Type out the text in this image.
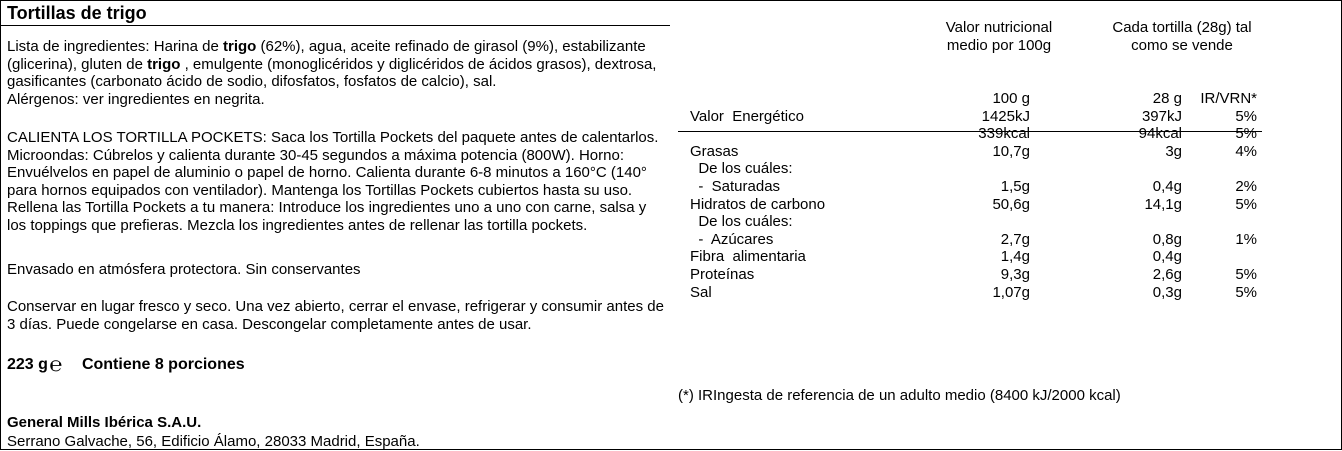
Tortillas de trigo
Lista de ingredientes: Harina de trigo (62%), agua, aceite refinado de girasol (9%), estabilizante (glicerina), gluten de trigo , emulgente (monoglicéridos y diglicéridos de ácidos grasos), dextrosa, gasificantes (carbonato ácido de sodio, difosfatos, fosfatos de calcio), sal.
Alérgenos: ver ingredientes en negrita.
CALIENTA LOS TORTILLA POCKETS: Saca los Tortilla Pockets del paquete antes de calentarlos. Microondas: Cúbrelos y calienta durante 30-45 segundos a máxima potencia (800W). Horno: Envuélvelos en papel de aluminio o papel de horno. Calienta durante 6-8 minutos a 160°C (140° para hornos equipados con ventilador). Mantenga los Tortillas Pockets cubiertos hasta su uso. Rellena las Tortilla Pockets a tu manera: Introduce los ingredientes uno a uno con carne, salsa y los toppings que prefieras. Mezcla los ingredientes antes de rellenar las tortilla pockets.
Envasado en atmósfera protectora. Sin conservantes
Conservar en lugar fresco y seco. Una vez abierto, cerrar el envase, refrigerar y consumir antes de 3 días. Puede congelarse en casa. Descongelar completamente antes de usar.
223 g ℮ Contiene 8 porciones
General Mills Ibérica S.A.U.
Serrano Galvache, 56, Edificio Álamo, 28033 Madrid, España.
Valor nutricional medio por 100g
Cada tortilla (28g) tal como se vende
100 g	28 g IR/VRN*
Valor  Energético	1425kJ	397kJ	5%
339kcal	94kcal	5%
Grasas	10,7g	3g	4%
De los cuáles:
-  Saturadas	1,5g	0,4g	2%
Hidratos de carbono	50,6g	14,1g	5%
De los cuáles:
-  Azúcares	2,7g	0,8g	1%
Fibra  alimentaria	1,4g	0,4g
Proteínas	9,3g	2,6g	5%
Sal	1,07g	0,3g	5%
(*) IRIngesta de referencia de un adulto medio (8400 kJ/2000 kcal)
